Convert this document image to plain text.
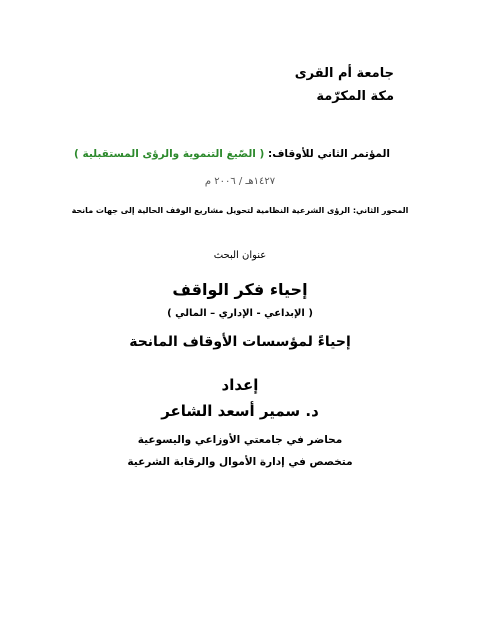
جامعة أم القرى
مكة المكرّمة
المؤتمر الثاني للأوقاف: ( الصّيغ التنموية والرؤى المستقبلية )
١٤٢٧هـ / ٢٠٠٦ م
المحور الثاني: الرؤى الشرعية النظامية لتحويل مشاريع الوقف الحالية إلى جهات مانحة
عنوان البحث
إحياء فكر الواقف
( الإبداعي - الإداري – المالي )
إحياءً لمؤسسات الأوقاف المانحة
إعداد
د. سمير أسعد الشاعر
محاضر في جامعتي الأوزاعي واليسوعية
متخصص في إدارة الأموال والرقابة الشرعية
